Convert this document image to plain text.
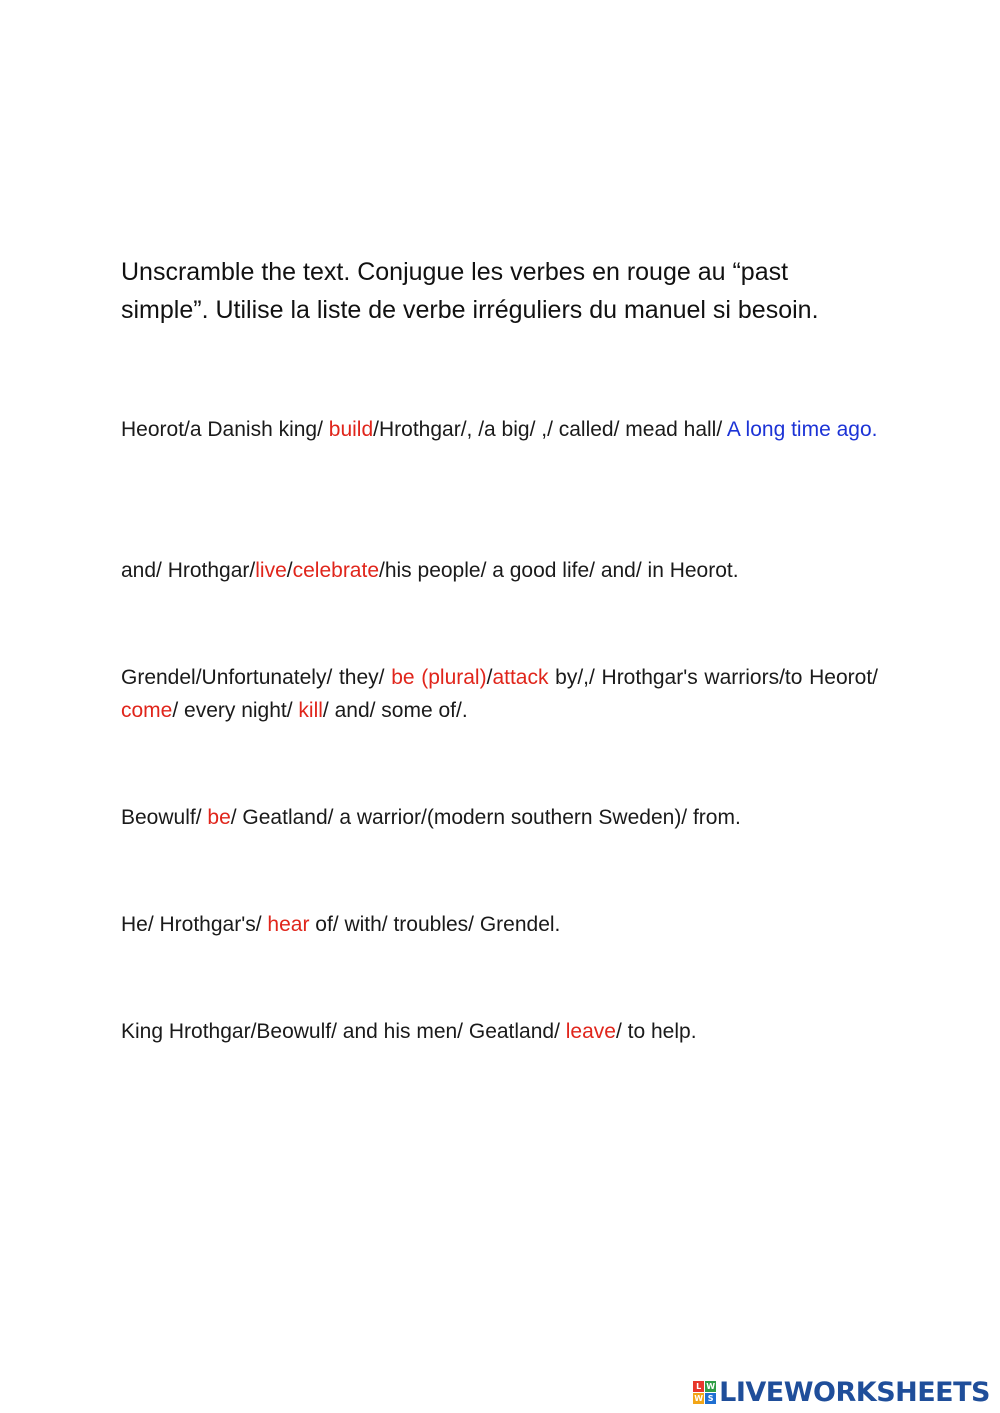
Unscramble the text. Conjugue les verbes en rouge au “past simple”. Utilise la liste de verbe irréguliers du manuel si besoin.
Heorot/a Danish king/ build/Hrothgar/, /a big/ ,/ called/ mead hall/ A long time ago.
and/ Hrothgar/live/celebrate/his people/ a good life/ and/ in Heorot.
Grendel/Unfortunately/ they/ be (plural)/attack by/,/ Hrothgar's warriors/to Heorot/ come/ every night/ kill/ and/ some of/.
Beowulf/ be/ Geatland/ a warrior/(modern southern Sweden)/ from.
He/ Hrothgar's/ hear of/ with/ troubles/ Grendel.
King Hrothgar/Beowulf/ and his men/ Geatland/ leave/ to help.
L W
W S LIVEWORKSHEETS
